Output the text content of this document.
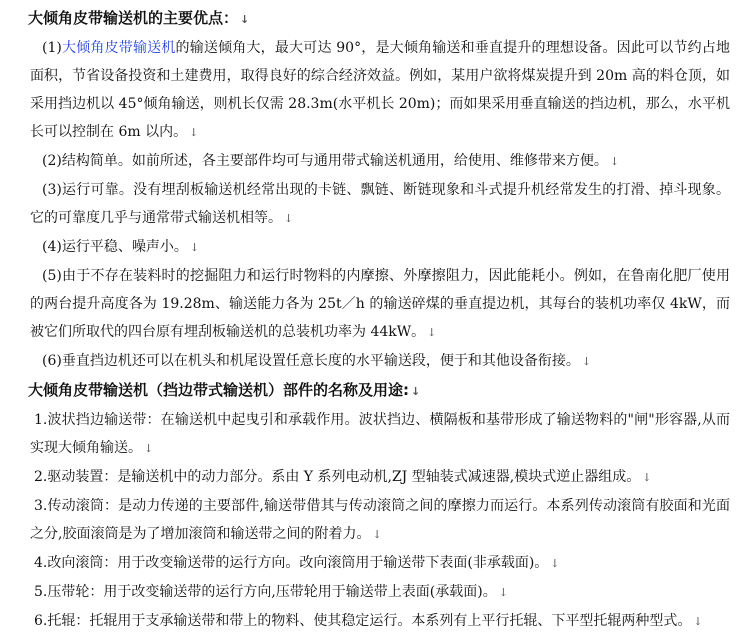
大倾角皮带输送机的主要优点： ↓

(1)大倾角皮带输送机的输送倾角大，最大可达 90°，是大倾角输送和垂直提升的理想设备。因此可以节约占地面积，节省设备投资和土建费用，取得良好的综合经济效益。例如，某用户欲将煤炭提升到 20m 高的料仓顶，如采用挡边机以 45°倾角输送，则机长仅需 28.3m(水平机长 20m)；而如果采用垂直输送的挡边机，那么，水平机长可以控制在 6m 以内。 ↓

(2)结构简单。如前所述，各主要部件均可与通用带式输送机通用，给使用、维修带来方便。 ↓

(3)运行可靠。没有埋刮板输送机经常出现的卡链、飘链、断链现象和斗式提升机经常发生的打滑、掉斗现象。它的可靠度几乎与通常带式输送机相等。 ↓

(4)运行平稳、噪声小。 ↓

(5)由于不存在装料时的挖掘阻力和运行时物料的内摩擦、外摩擦阻力，因此能耗小。例如，在鲁南化肥厂使用的两台提升高度各为 19.28m、输送能力各为 25t／h 的输送碎煤的垂直提边机，其每台的装机功率仅 4kW，而被它们所取代的四台原有埋刮板输送机的总装机功率为 44kW。 ↓

(6)垂直挡边机还可以在机头和机尾设置任意长度的水平输送段，便于和其他设备衔接。 ↓

大倾角皮带输送机（挡边带式输送机）部件的名称及用途: ↓

1.波状挡边输送带：在输送机中起曳引和承载作用。波状挡边、横隔板和基带形成了输送物料的"闸"形容器,从而实现大倾角输送。 ↓

2.驱动装置：是输送机中的动力部分。系由 Y 系列电动机,ZJ 型轴装式减速器,模块式逆止器组成。 ↓

3.传动滚筒：是动力传递的主要部件,输送带借其与传动滚筒之间的摩擦力而运行。本系列传动滚筒有胶面和光面之分,胶面滚筒是为了增加滚筒和输送带之间的附着力。 ↓

4.改向滚筒：用于改变输送带的运行方向。改向滚筒用于输送带下表面(非承载面)。 ↓

5.压带轮：用于改变输送带的运行方向,压带轮用于输送带上表面(承载面)。 ↓

6.托辊：托辊用于支承输送带和带上的物料、使其稳定运行。本系列有上平行托辊、下平型托辊两种型式。 ↓
